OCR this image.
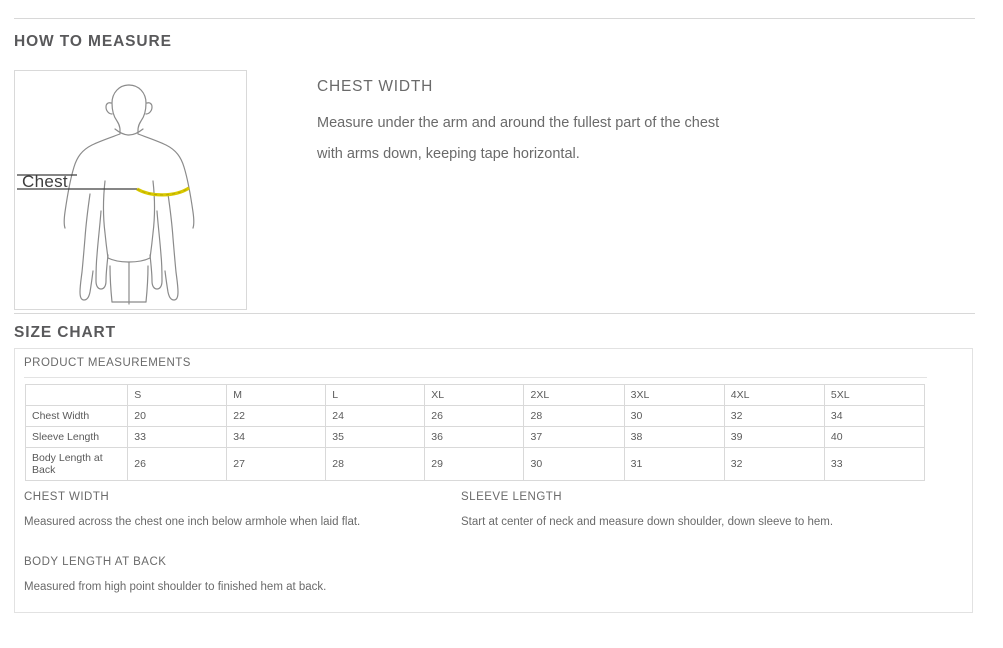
HOW TO MEASURE
Chest
CHEST WIDTH
Measure under the arm and around the fullest part of the chest
with arms down, keeping tape horizontal.
SIZE CHART
PRODUCT MEASUREMENTS
	S	M	L	XL	2XL	3XL	4XL	5XL
Chest Width	20	22	24	26	28	30	32	34
Sleeve Length	33	34	35	36	37	38	39	40
Body Length at Back	26	27	28	29	30	31	32	33
CHEST WIDTH
Measured across the chest one inch below armhole when laid flat.
SLEEVE LENGTH
Start at center of neck and measure down shoulder, down sleeve to hem.
BODY LENGTH AT BACK
Measured from high point shoulder to finished hem at back.
